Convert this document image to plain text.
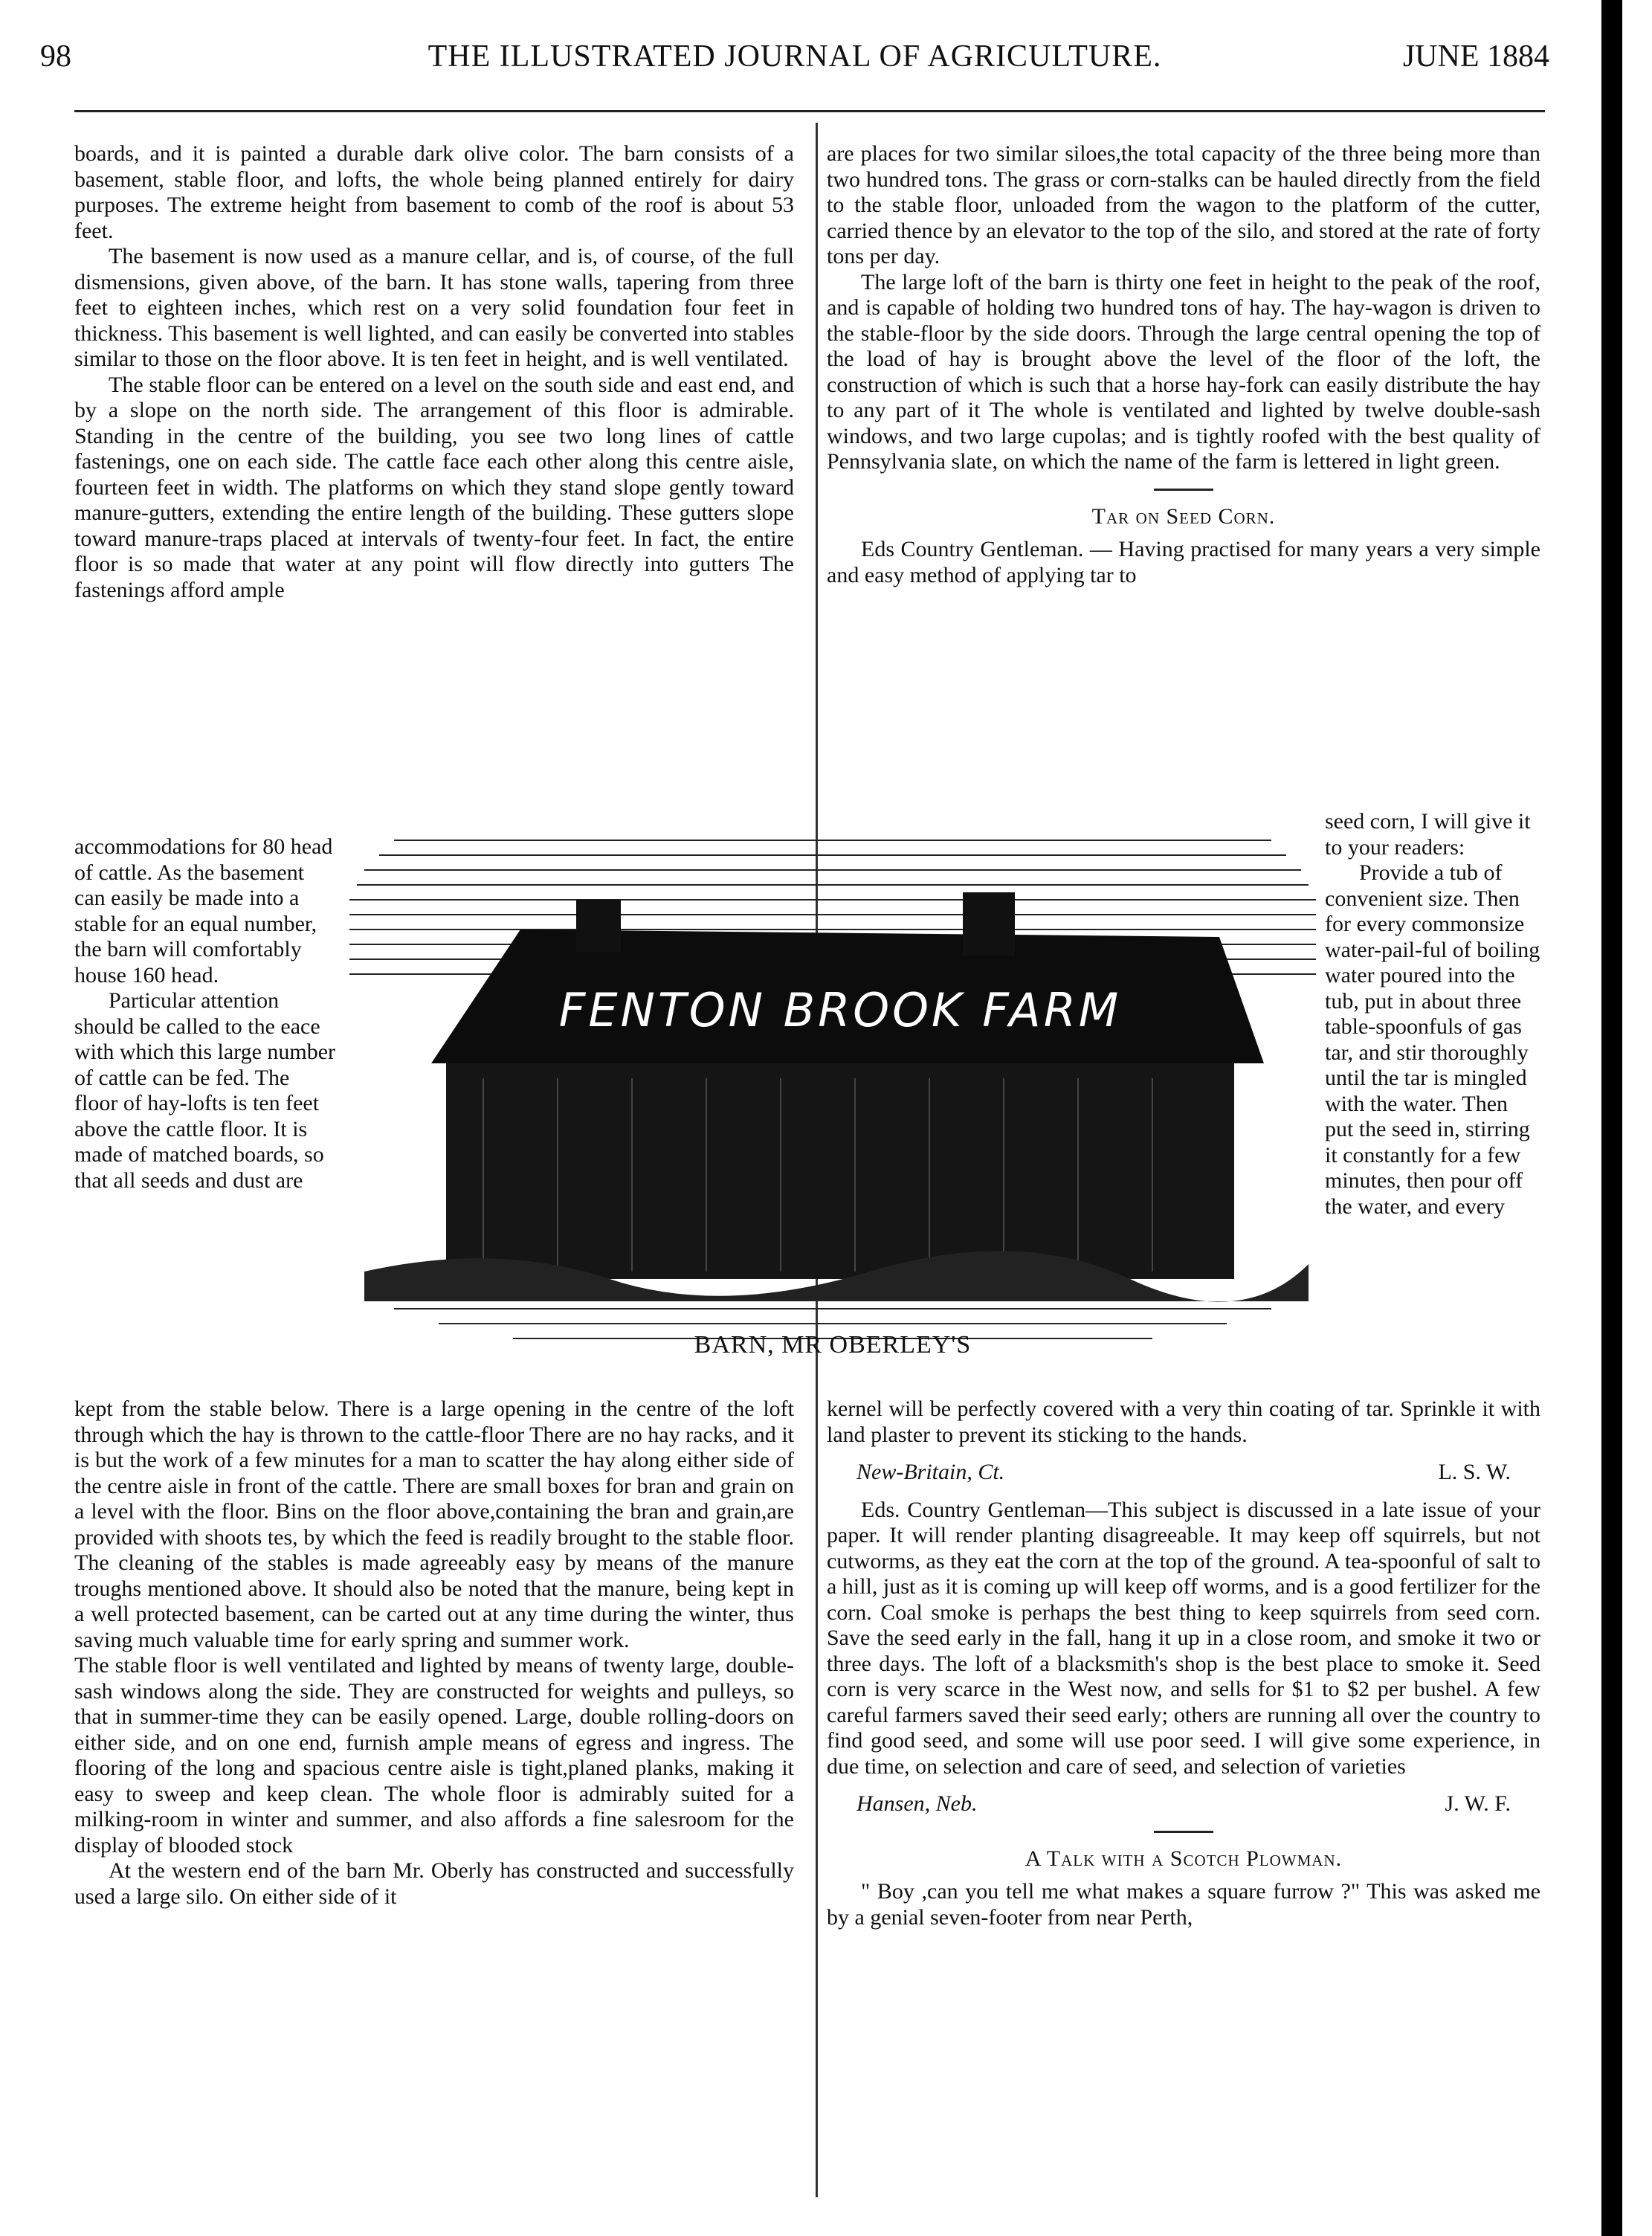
98	THE ILLUSTRATED JOURNAL OF AGRICULTURE.	JUNE 1884

boards, and it is painted a durable dark olive color. The barn consists of a basement, stable floor, and lofts, the whole being planned entirely for dairy purposes. The extreme height from basement to comb of the roof is about 53 feet.

The basement is now used as a manure cellar, and is, of course, of the full dismensions, given above, of the barn. It has stone walls, tapering from three feet to eighteen inches, which rest on a very solid foundation four feet in thickness. This basement is well lighted, and can easily be converted into stables similar to those on the floor above. It is ten feet in height, and is well ventilated.

The stable floor can be entered on a level on the south side and east end, and by a slope on the north side. The arrangement of this floor is admirable. Standing in the centre of the building, you see two long lines of cattle fastenings, one on each side. The cattle face each other along this centre aisle, fourteen feet in width. The platforms on which they stand slope gently toward manure-gutters, extending the entire length of the building. These gutters slope toward manure-traps placed at intervals of twenty-four feet. In fact, the entire floor is so made that water at any point will flow directly into gutters The fastenings afford ample

accommodations for 80 head of cattle. As the basement can easily be made into a stable for an equal number, the barn will comfortably house 160 head.

Particular attention should be called to the eace with which this large number of cattle can be fed. The floor of hay-lofts is ten feet above the cattle floor. It is made of matched boards, so that all seeds and dust are

kept from the stable below. There is a large opening in the centre of the loft through which the hay is thrown to the cattle-floor There are no hay racks, and it is but the work of a few minutes for a man to scatter the hay along either side of the centre aisle in front of the cattle. There are small boxes for bran and grain on a level with the floor. Bins on the floor above,containing the bran and grain,are provided with shoots tes, by which the feed is readily brought to the stable floor. The cleaning of the stables is made agreeably easy by means of the manure troughs mentioned above. It should also be noted that the manure, being kept in a well protected basement, can be carted out at any time during the winter, thus saving much valuable time for early spring and summer work.

The stable floor is well ventilated and lighted by means of twenty large, double-sash windows along the side. They are constructed for weights and pulleys, so that in summer-time they can be easily opened. Large, double rolling-doors on either side, and on one end, furnish ample means of egress and ingress. The flooring of the long and spacious centre aisle is tight,planed planks, making it easy to sweep and keep clean. The whole floor is admirably suited for a milking-room in winter and summer, and also affords a fine salesroom for the display of blooded stock

At the western end of the barn Mr. Oberly has constructed and successfully used a large silo. On either side of it

are places for two similar siloes,the total capacity of the three being more than two hundred tons. The grass or corn-stalks can be hauled directly from the field to the stable floor, unloaded from the wagon to the platform of the cutter, carried thence by an elevator to the top of the silo, and stored at the rate of forty tons per day.

The large loft of the barn is thirty one feet in height to the peak of the roof, and is capable of holding two hundred tons of hay. The hay-wagon is driven to the stable-floor by the side doors. Through the large central opening the top of the load of hay is brought above the level of the floor of the loft, the construction of which is such that a horse hay-fork can easily distribute the hay to any part of it The whole is ventilated and lighted by twelve double-sash windows, and two large cupolas; and is tightly roofed with the best quality of Pennsylvania slate, on which the name of the farm is lettered in light green.

Tar on Seed Corn.

Eds Country Gentleman. — Having practised for many years a very simple and easy method of applying tar to

seed corn, I will give it to your readers:

Provide a tub of convenient size. Then for every commonsize water-pail-ful of boiling water poured into the tub, put in about three table-spoonfuls of gas tar, and stir thoroughly until the tar is mingled with the water. Then put the seed in, stirring it constantly for a few minutes, then pour off the water, and every

kernel will be perfectly covered with a very thin coating of tar. Sprinkle it with land plaster to prevent its sticking to the hands.

New-Britain, Ct.	L. S. W.

Eds. Country Gentleman—This subject is discussed in a late issue of your paper. It will render planting disagreeable. It may keep off squirrels, but not cutworms, as they eat the corn at the top of the ground. A tea-spoonful of salt to a hill, just as it is coming up will keep off worms, and is a good fertilizer for the corn. Coal smoke is perhaps the best thing to keep squirrels from seed corn. Save the seed early in the fall, hang it up in a close room, and smoke it two or three days. The loft of a blacksmith's shop is the best place to smoke it. Seed corn is very scarce in the West now, and sells for $1 to $2 per bushel. A few careful farmers saved their seed early; others are running all over the country to find good seed, and some will use poor seed. I will give some experience, in due time, on selection and care of seed, and selection of varieties

Hansen, Neb.	J. W. F.
A Talk with a Scotch Plowman.

" Boy ,can you tell me what makes a square furrow ?" This was asked me by a genial seven-footer from near Perth,

FENTON BROOK FARM
BARN, MR OBERLEY'S
